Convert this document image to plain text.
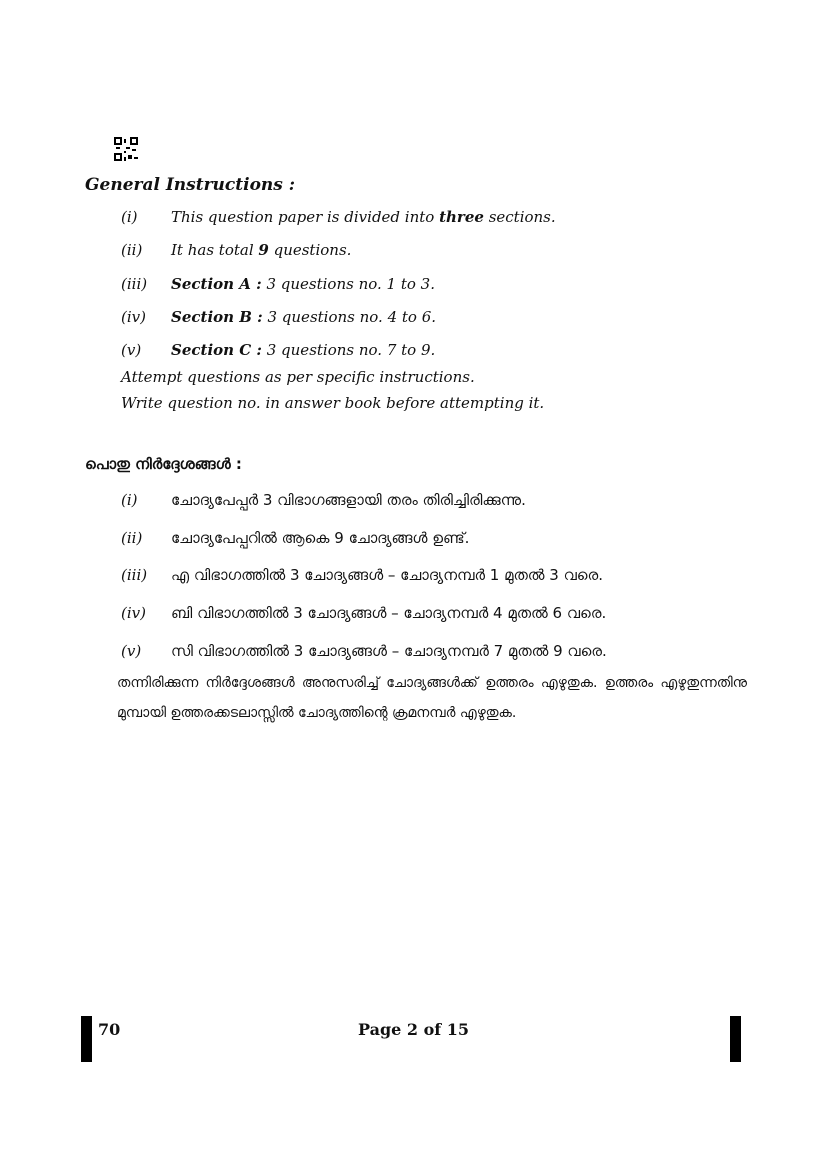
General Instructions :
(i) This question paper is divided into three sections.
(ii) It has total 9 questions.
(iii) Section A : 3 questions no. 1 to 3.
(iv) Section B : 3 questions no. 4 to 6.
(v) Section C : 3 questions no. 7 to 9.
Attempt questions as per specific instructions.
Write question no. in answer book before attempting it.
പൊതു നിർദ്ദേശങ്ങൾ :
(i) ചോദ്യപേപ്പർ 3 വിഭാഗങ്ങളായി തരം തിരിച്ചിരിക്കുന്നു.
(ii) ചോദ്യപേപ്പറിൽ ആകെ 9 ചോദ്യങ്ങൾ ഉണ്ട്.
(iii) എ വിഭാഗത്തിൽ 3 ചോദ്യങ്ങൾ – ചോദ്യനമ്പർ 1 മുതൽ 3 വരെ.
(iv) ബി വിഭാഗത്തിൽ 3 ചോദ്യങ്ങൾ – ചോദ്യനമ്പർ 4 മുതൽ 6 വരെ.
(v) സി വിഭാഗത്തിൽ 3 ചോദ്യങ്ങൾ – ചോദ്യനമ്പർ 7 മുതൽ 9 വരെ.
തന്നിരിക്കുന്ന നിർദ്ദേശങ്ങൾ അനുസരിച്ച് ചോദ്യങ്ങൾക്ക് ഉത്തരം എഴുതുക. ഉത്തരം എഴുതുന്നതിനു മുമ്പായി ഉത്തരക്കടലാസ്സിൽ ചോദ്യത്തിന്റെ ക്രമനമ്പർ എഴുതുക.
70	Page 2 of 15
